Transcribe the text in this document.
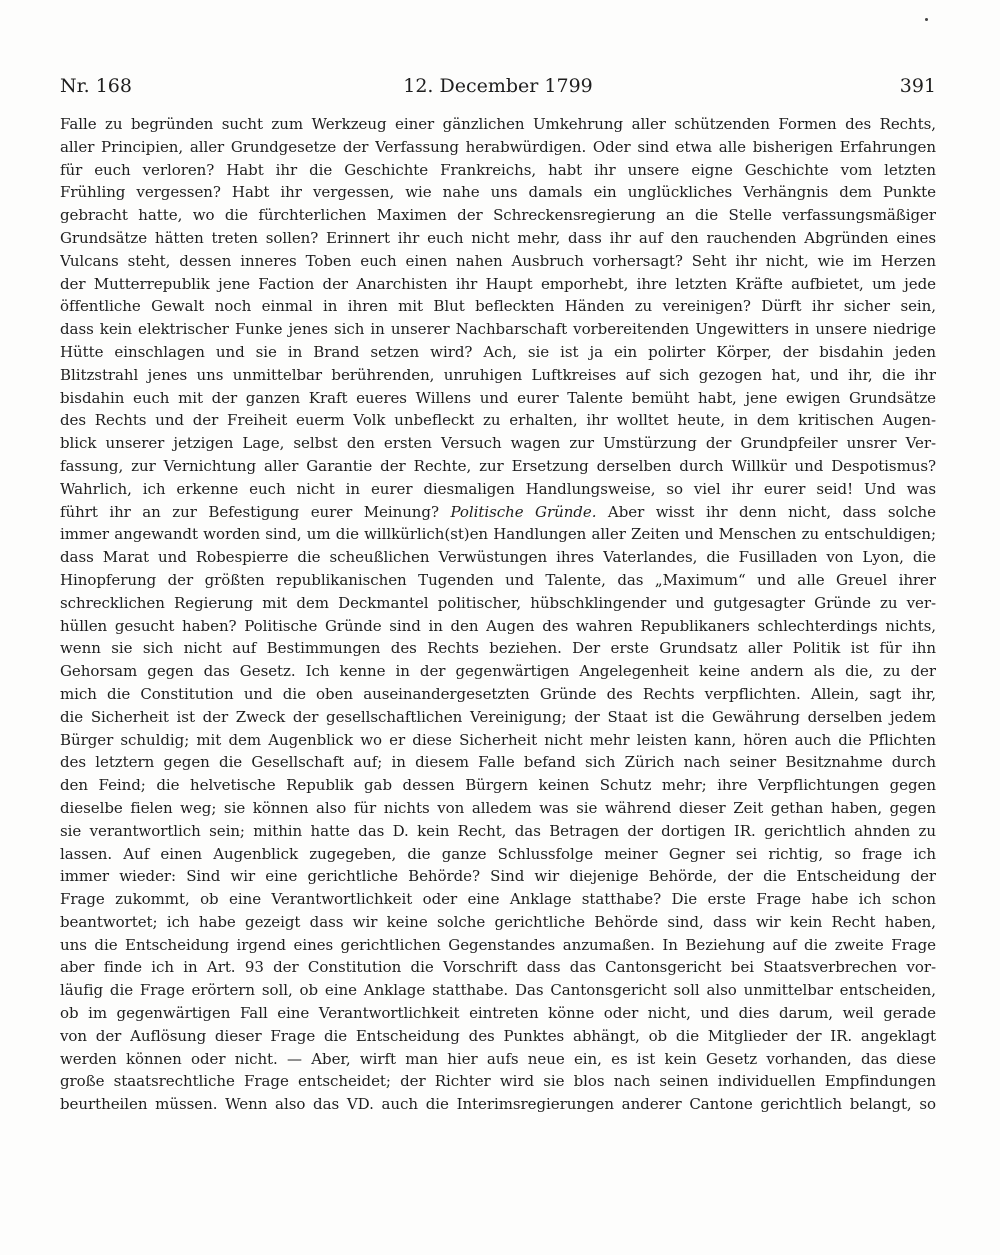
Nr. 168	12. December 1799	391
Falle zu begründen sucht zum Werkzeug einer gänzlichen Umkehrung aller schützenden Formen des Rechts,
aller Principien, aller Grundgesetze der Verfassung herabwürdigen. Oder sind etwa alle bisherigen Erfahrungen
für euch verloren? Habt ihr die Geschichte Frankreichs, habt ihr unsere eigne Geschichte vom letzten
Frühling vergessen? Habt ihr vergessen, wie nahe uns damals ein unglückliches Verhängnis dem Punkte
gebracht hatte, wo die fürchterlichen Maximen der Schreckensregierung an die Stelle verfassungsmäßiger
Grundsätze hätten treten sollen? Erinnert ihr euch nicht mehr, dass ihr auf den rauchenden Abgründen eines
Vulcans steht, dessen inneres Toben euch einen nahen Ausbruch vorhersagt? Seht ihr nicht, wie im Herzen
der Mutterrepublik jene Faction der Anarchisten ihr Haupt emporhebt, ihre letzten Kräfte aufbietet, um jede
öffentliche Gewalt noch einmal in ihren mit Blut befleckten Händen zu vereinigen? Dürft ihr sicher sein,
dass kein elektrischer Funke jenes sich in unserer Nachbarschaft vorbereitenden Ungewitters in unsere niedrige
Hütte einschlagen und sie in Brand setzen wird? Ach, sie ist ja ein polirter Körper, der bisdahin jeden
Blitzstrahl jenes uns unmittelbar berührenden, unruhigen Luftkreises auf sich gezogen hat, und ihr, die ihr
bisdahin euch mit der ganzen Kraft eueres Willens und eurer Talente bemüht habt, jene ewigen Grundsätze
des Rechts und der Freiheit euerm Volk unbefleckt zu erhalten, ihr wolltet heute, in dem kritischen Augen-
blick unserer jetzigen Lage, selbst den ersten Versuch wagen zur Umstürzung der Grundpfeiler unsrer Ver-
fassung, zur Vernichtung aller Garantie der Rechte, zur Ersetzung derselben durch Willkür und Despotismus?
Wahrlich, ich erkenne euch nicht in eurer diesmaligen Handlungsweise, so viel ihr eurer seid! Und was
führt ihr an zur Befestigung eurer Meinung? Politische Gründe. Aber wisst ihr denn nicht, dass solche
immer angewandt worden sind, um die willkürlich(st)en Handlungen aller Zeiten und Menschen zu entschuldigen;
dass Marat und Robespierre die scheußlichen Verwüstungen ihres Vaterlandes, die Fusilladen von Lyon, die
Hinopferung der größten republikanischen Tugenden und Talente, das „Maximum“ und alle Greuel ihrer
schrecklichen Regierung mit dem Deckmantel politischer, hübschklingender und gutgesagter Gründe zu ver-
hüllen gesucht haben? Politische Gründe sind in den Augen des wahren Republikaners schlechterdings nichts,
wenn sie sich nicht auf Bestimmungen des Rechts beziehen. Der erste Grundsatz aller Politik ist für ihn
Gehorsam gegen das Gesetz. Ich kenne in der gegenwärtigen Angelegenheit keine andern als die, zu der
mich die Constitution und die oben auseinandergesetzten Gründe des Rechts verpflichten. Allein, sagt ihr,
die Sicherheit ist der Zweck der gesellschaftlichen Vereinigung; der Staat ist die Gewährung derselben jedem
Bürger schuldig; mit dem Augenblick wo er diese Sicherheit nicht mehr leisten kann, hören auch die Pflichten
des letztern gegen die Gesellschaft auf; in diesem Falle befand sich Zürich nach seiner Besitznahme durch
den Feind; die helvetische Republik gab dessen Bürgern keinen Schutz mehr; ihre Verpflichtungen gegen
dieselbe fielen weg; sie können also für nichts von alledem was sie während dieser Zeit gethan haben, gegen
sie verantwortlich sein; mithin hatte das D. kein Recht, das Betragen der dortigen IR. gerichtlich ahnden zu
lassen. Auf einen Augenblick zugegeben, die ganze Schlussfolge meiner Gegner sei richtig, so frage ich
immer wieder: Sind wir eine gerichtliche Behörde? Sind wir diejenige Behörde, der die Entscheidung der
Frage zukommt, ob eine Verantwortlichkeit oder eine Anklage statthabe? Die erste Frage habe ich schon
beantwortet; ich habe gezeigt dass wir keine solche gerichtliche Behörde sind, dass wir kein Recht haben,
uns die Entscheidung irgend eines gerichtlichen Gegenstandes anzumaßen. In Beziehung auf die zweite Frage
aber finde ich in Art. 93 der Constitution die Vorschrift dass das Cantonsgericht bei Staatsverbrechen vor-
läufig die Frage erörtern soll, ob eine Anklage statthabe. Das Cantonsgericht soll also unmittelbar entscheiden,
ob im gegenwärtigen Fall eine Verantwortlichkeit eintreten könne oder nicht, und dies darum, weil gerade
von der Auflösung dieser Frage die Entscheidung des Punktes abhängt, ob die Mitglieder der IR. angeklagt
werden können oder nicht. — Aber, wirft man hier aufs neue ein, es ist kein Gesetz vorhanden, das diese
große staatsrechtliche Frage entscheidet; der Richter wird sie blos nach seinen individuellen Empfindungen
beurtheilen müssen. Wenn also das VD. auch die Interimsregierungen anderer Cantone gerichtlich belangt, so
